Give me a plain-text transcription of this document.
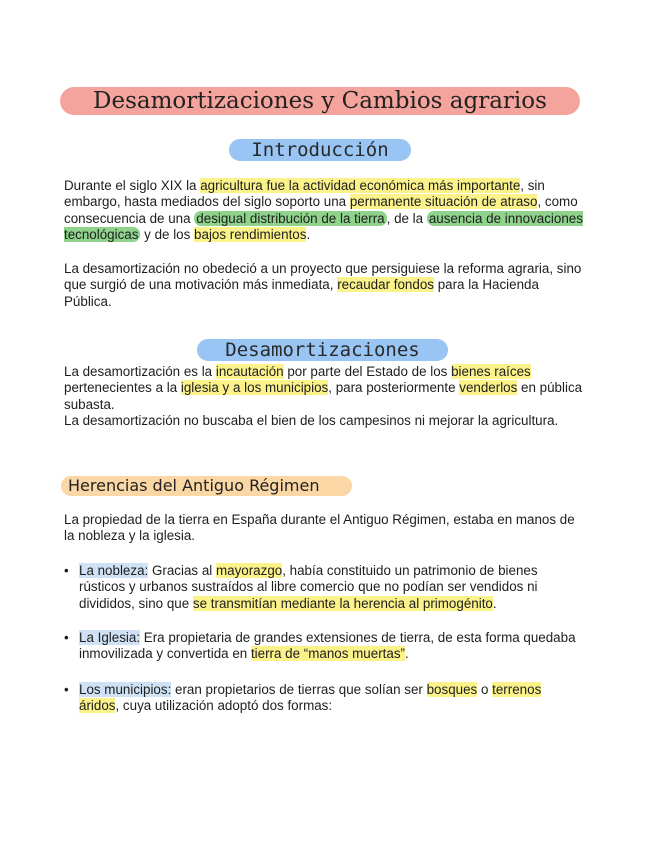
Desamortizaciones y Cambios agrarios
Introducción
Durante el siglo XIX la agricultura fue la actividad económica más importante, sin embargo, hasta mediados del siglo soporto una permanente situación de atraso, como consecuencia de una desigual distribución de la tierra , de la ausencia de innovaciones tecnológicas y de los bajos rendimientos.
La desamortización no obedeció a un proyecto que persiguiese la reforma agraria, sino que surgió de una motivación más inmediata, recaudar fondos para la Hacienda Pública.
Desamortizaciones
La desamortización es la incautación por parte del Estado de los bienes raíces pertenecientes a la iglesia y a los municipios, para posteriormente venderlos en pública subasta.
La desamortización no buscaba el bien de los campesinos ni mejorar la agricultura.
Herencias del Antiguo Régimen
La propiedad de la tierra en España durante el Antiguo Régimen, estaba en manos de la nobleza y la iglesia.
• La nobleza: Gracias al mayorazgo, había constituido un patrimonio de bienes rústicos y urbanos sustraídos al libre comercio que no podían ser vendidos ni divididos, sino que se transmitían mediante la herencia al primogénito.
• La Iglesia: Era propietaria de grandes extensiones de tierra, de esta forma quedaba inmovilizada y convertida en tierra de “manos muertas”.
• Los municipios: eran propietarios de tierras que solían ser bosques o terrenos áridos, cuya utilización adoptó dos formas:
